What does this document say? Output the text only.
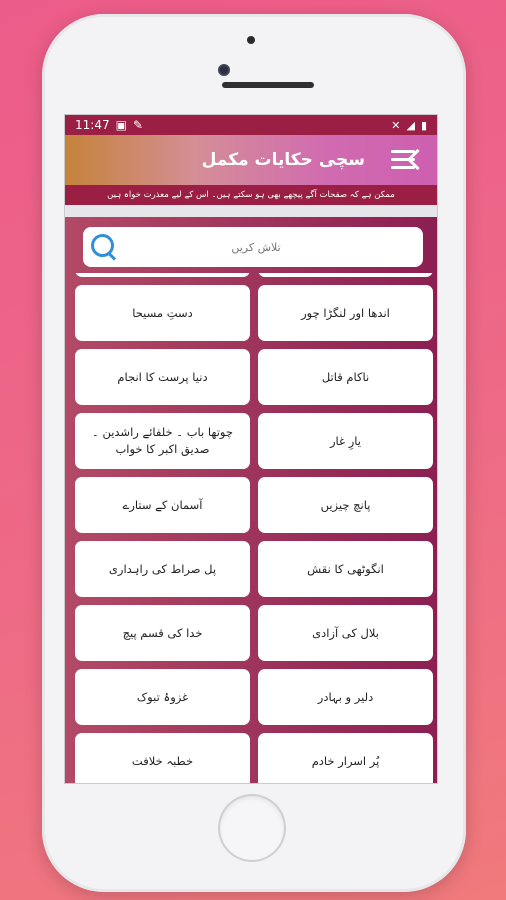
11:47 ▣ ✎	✕ ◢ ▮
سچی حکایات مکمل
ممکن ہے کہ صفحات آگے پیچھے بھی ہو سکتے ہیں۔ اس کے لیے معذرت خواہ ہیں
تلاش کریں
اندھا اور لنگڑا چور
دستِ مسیحا
ناکام قاتل
دنیا پرست کا انجام
یارِ غار
چوتھا باب ۔ خلفائے راشدین ۔ صدیق اکبر کا خواب
پانچ چیزیں
آسمان کے ستارے
انگوٹھی کا نقش
پل صراط کی راہداری
بلال کی آزادی
خدا کی قسم پیچ
دلیر و بہادر
غزوۂ تبوک
پُر اسرار خادم
خطبہ خلافت
